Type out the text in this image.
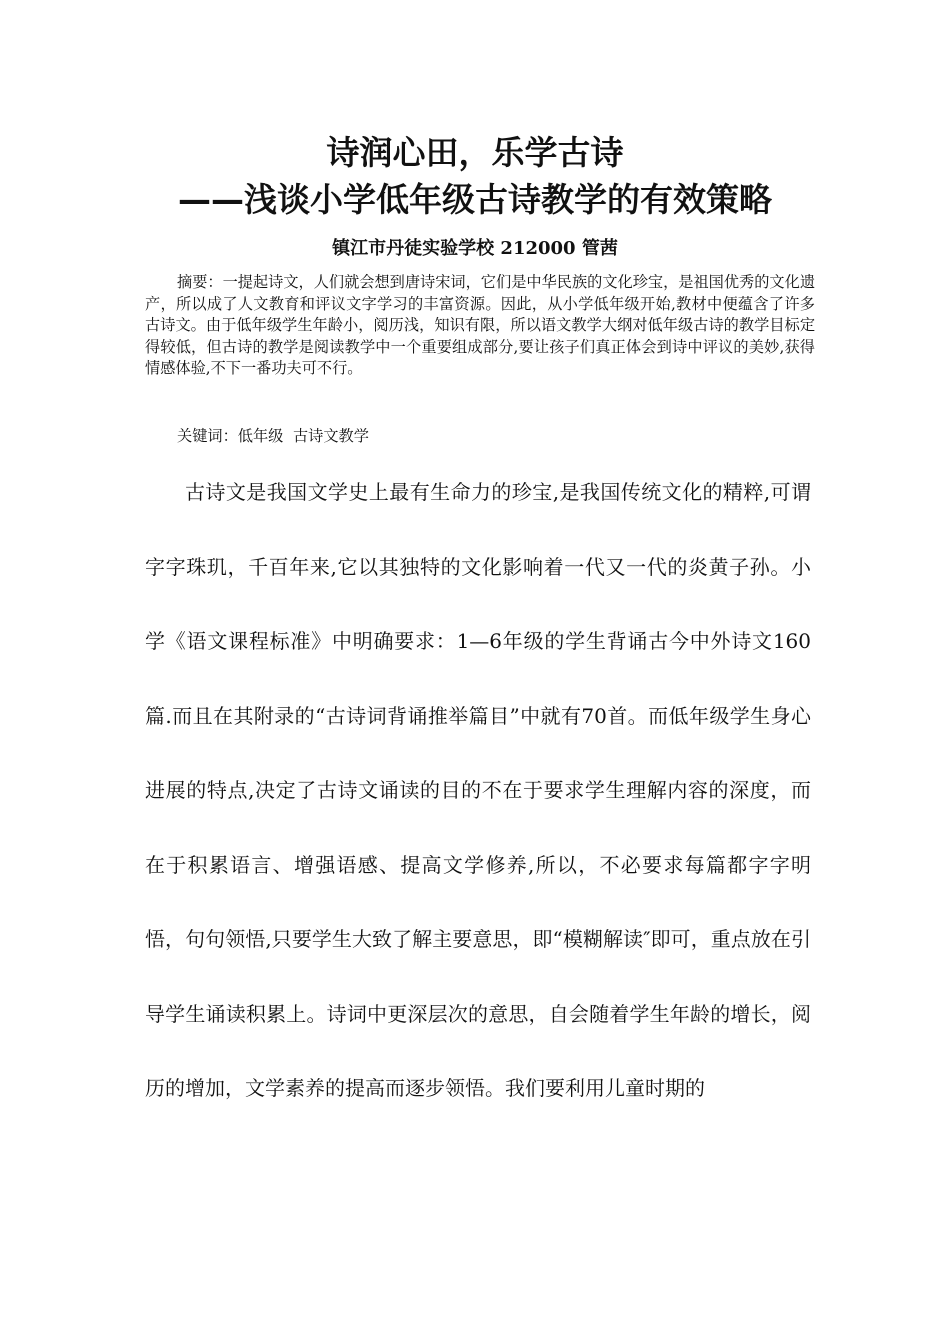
诗润心田，乐学古诗
——浅谈小学低年级古诗教学的有效策略

镇江市丹徒实验学校 212000 管茜

摘要：一提起诗文，人们就会想到唐诗宋词，它们是中华民族的文化珍宝，是祖国优秀的文化遗产，所以成了人文教育和评议文字学习的丰富资源。因此，从小学低年级开始,教材中便蕴含了许多古诗文。由于低年级学生年龄小，阅历浅，知识有限，所以语文教学大纲对低年级古诗的教学目标定得较低，但古诗的教学是阅读教学中一个重要组成部分,要让孩子们真正体会到诗中评议的美妙,获得情感体验,不下一番功夫可不行。

关键词：低年级  古诗文教学

古诗文是我国文学史上最有生命力的珍宝,是我国传统文化的精粹,可谓字字珠玑，千百年来,它以其独特的文化影响着一代又一代的炎黄子孙。小学《语文课程标准》中明确要求：1—6年级的学生背诵古今中外诗文160篇.而且在其附录的“古诗词背诵推举篇目”中就有70首。而低年级学生身心进展的特点,决定了古诗文诵读的目的不在于要求学生理解内容的深度，而在于积累语言、增强语感、提高文学修养,所以，不必要求每篇都字字明悟，句句领悟,只要学生大致了解主要意思，即“模糊解读″即可，重点放在引导学生诵读积累上。诗词中更深层次的意思，自会随着学生年龄的增长，阅历的增加，文学素养的提高而逐步领悟。我们要利用儿童时期的
